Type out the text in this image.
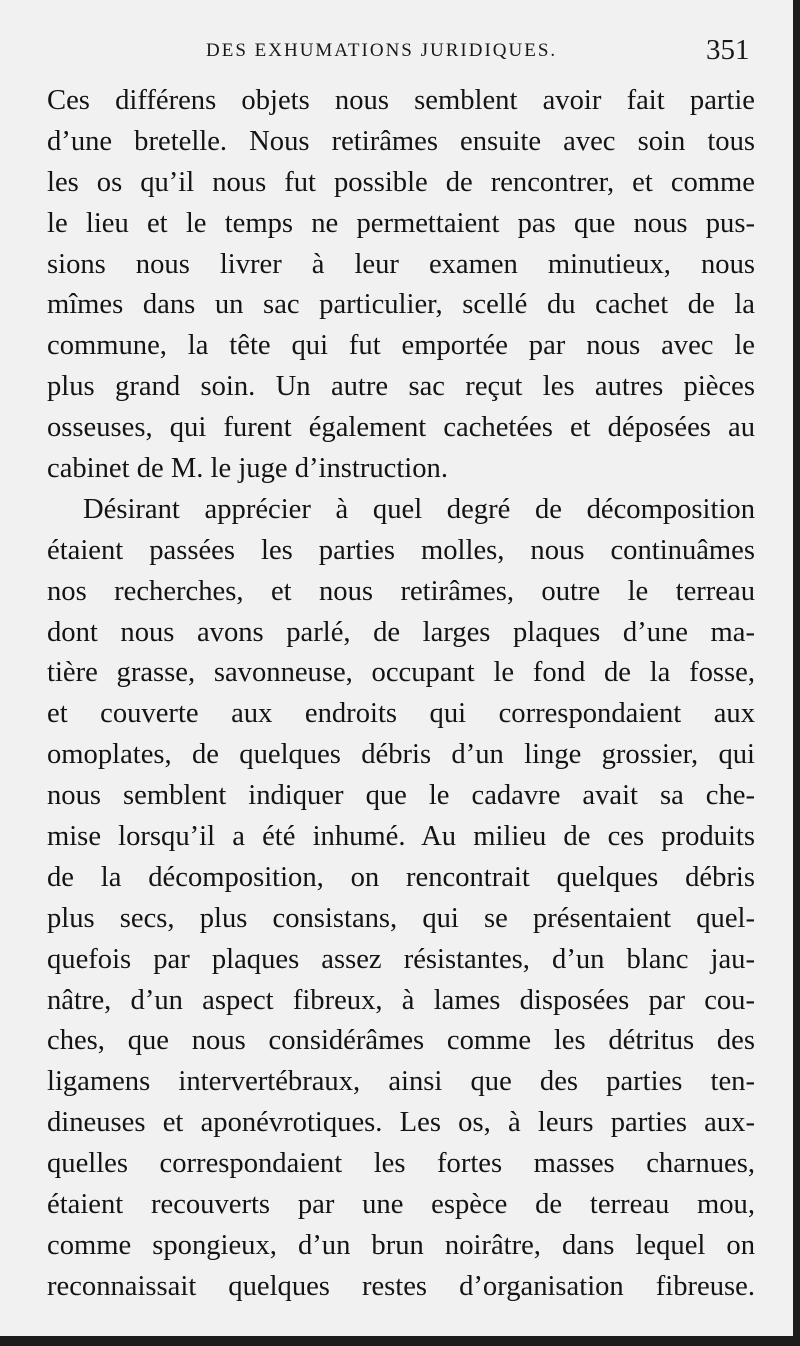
DES EXHUMATIONS JURIDIQUES.	351
Ces différens objets nous semblent avoir fait partie
d’une bretelle. Nous retirâmes ensuite avec soin tous
les os qu’il nous fut possible de rencontrer, et comme
le lieu et le temps ne permettaient pas que nous pus-
sions nous livrer à leur examen minutieux, nous
mîmes dans un sac particulier, scellé du cachet de la
commune, la tête qui fut emportée par nous avec le
plus grand soin. Un autre sac reçut les autres pièces
osseuses, qui furent également cachetées et déposées au
cabinet de M. le juge d’instruction.
Désirant apprécier à quel degré de décomposition
étaient passées les parties molles, nous continuâmes
nos recherches, et nous retirâmes, outre le terreau
dont nous avons parlé, de larges plaques d’une ma-
tière grasse, savonneuse, occupant le fond de la fosse,
et couverte aux endroits qui correspondaient aux
omoplates, de quelques débris d’un linge grossier, qui
nous semblent indiquer que le cadavre avait sa che-
mise lorsqu’il a été inhumé. Au milieu de ces produits
de la décomposition, on rencontrait quelques débris
plus secs, plus consistans, qui se présentaient quel-
quefois par plaques assez résistantes, d’un blanc jau-
nâtre, d’un aspect fibreux, à lames disposées par cou-
ches, que nous considérâmes comme les détritus des
ligamens intervertébraux, ainsi que des parties ten-
dineuses et aponévrotiques. Les os, à leurs parties aux-
quelles correspondaient les fortes masses charnues,
étaient recouverts par une espèce de terreau mou,
comme spongieux, d’un brun noirâtre, dans lequel on
reconnaissait quelques restes d’organisation fibreuse.
